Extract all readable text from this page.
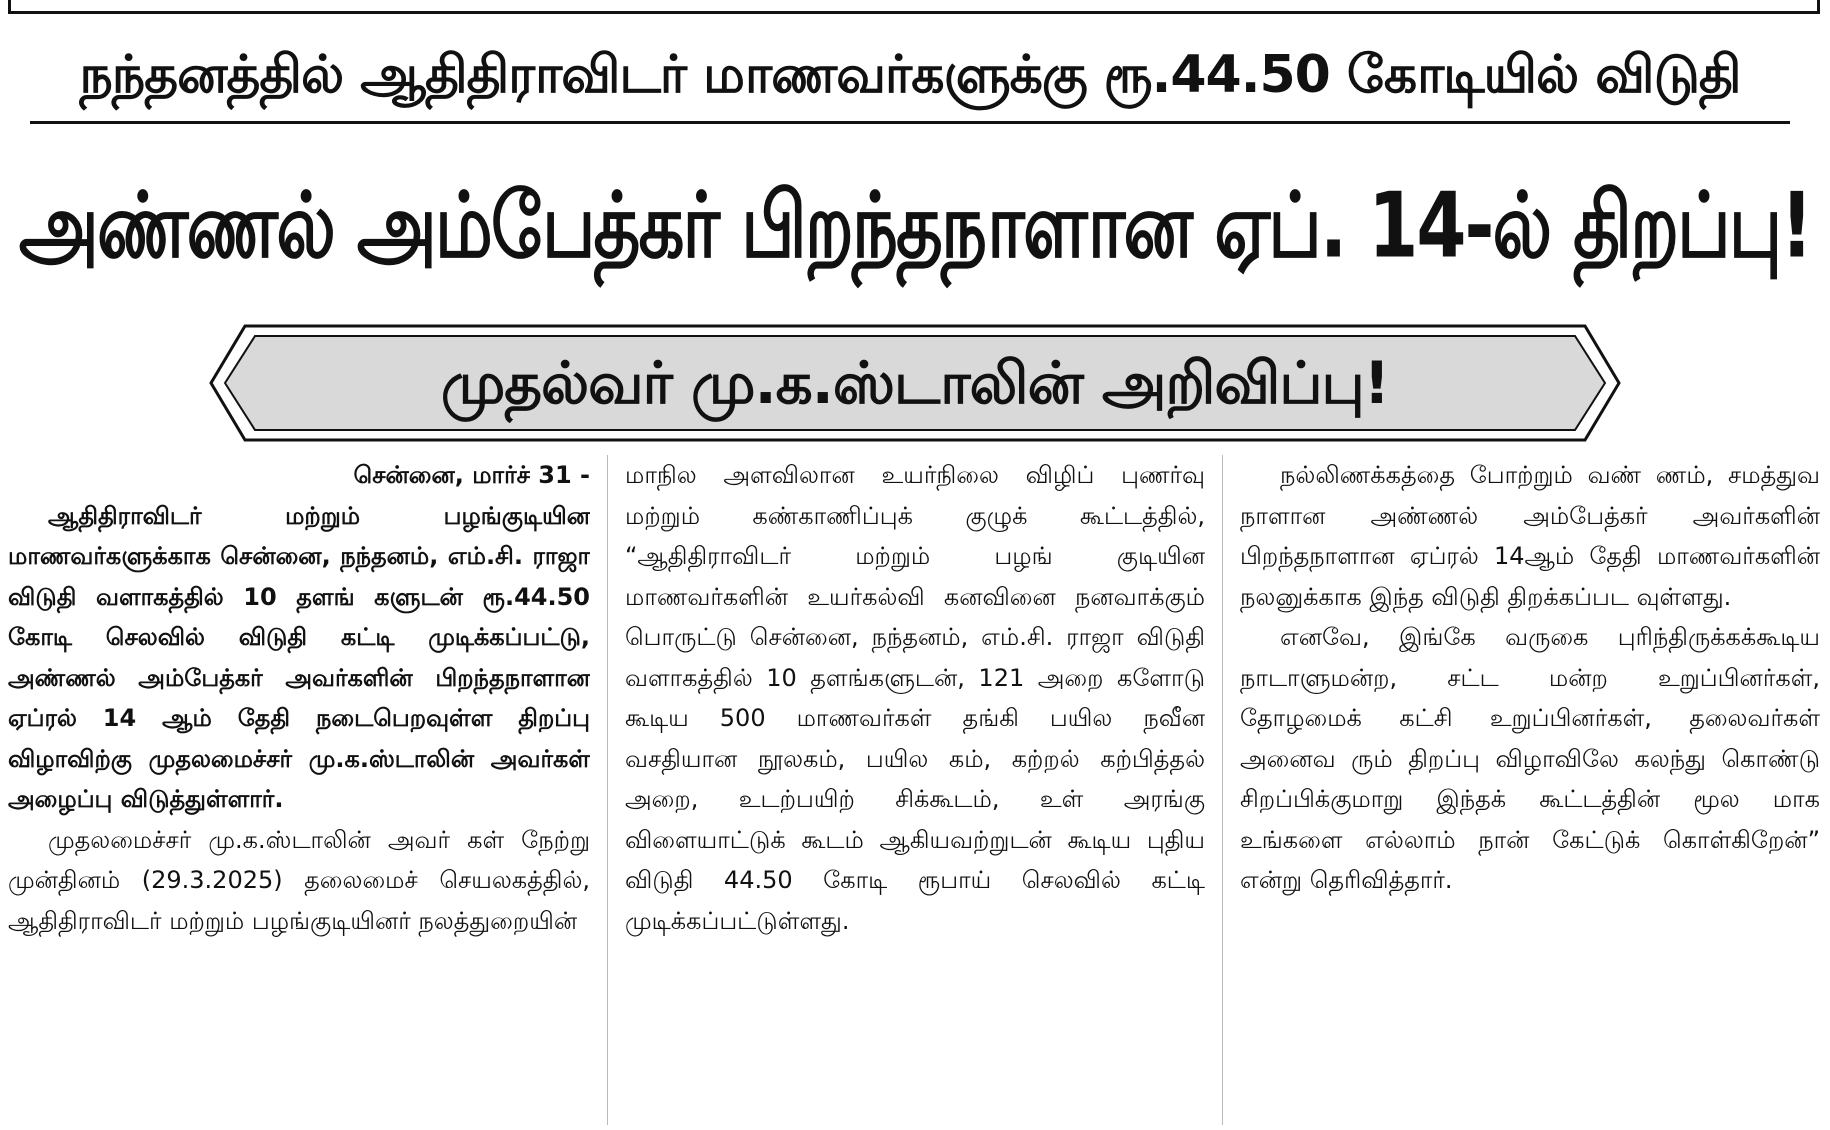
நந்தனத்தில் ஆதிதிராவிடர் மாணவர்களுக்கு ரூ.44.50 கோடியில் விடுதி
அண்ணல் அம்பேத்கர் பிறந்தநாளான ஏப். 14-ல் திறப்பு!
முதல்வர் மு.க.ஸ்டாலின் அறிவிப்பு!

சென்னை, மார்ச் 31 -

ஆதிதிராவிடர் மற்றும் பழங்குடியின மாணவர்களுக்காக சென்னை, நந்தனம், எம்.சி. ராஜா விடுதி வளாகத்தில் 10 தளங் களுடன் ரூ.44.50 கோடி செலவில் விடுதி கட்டி முடிக்கப்பட்டு, அண்ணல் அம்பேத்கர் அவர்களின் பிறந்தநாளான ஏப்ரல் 14 ஆம் தேதி நடைபெறவுள்ள திறப்பு விழாவிற்கு முதலமைச்சர் மு.க.ஸ்டாலின் அவர்கள் அழைப்பு விடுத்துள்ளார்.

முதலமைச்சர் மு.க.ஸ்டாலின் அவர் கள் நேற்று முன்தினம் (29.3.2025) தலைமைச் செயலகத்தில், ஆதிதிராவிடர் மற்றும் பழங்குடியினர் நலத்துறையின்

மாநில அளவிலான உயர்நிலை விழிப் புணர்வு மற்றும் கண்காணிப்புக் குழுக் கூட்டத்தில், “ஆதிதிராவிடர் மற்றும் பழங் குடியின மாணவர்களின் உயர்கல்வி கனவினை நனவாக்கும் பொருட்டு சென்னை, நந்தனம், எம்.சி. ராஜா விடுதி வளாகத்தில் 10 தளங்களுடன், 121 அறை களோடு கூடிய 500 மாணவர்கள் தங்கி பயில நவீன வசதியான நூலகம், பயில கம், கற்றல் கற்பித்தல் அறை, உடற்பயிற் சிக்கூடம், உள் அரங்கு விளையாட்டுக் கூடம் ஆகியவற்றுடன் கூடிய புதிய விடுதி 44.50 கோடி ரூபாய் செலவில் கட்டி முடிக்கப்பட்டுள்ளது.

நல்லிணக்கத்தை போற்றும் வண் ணம், சமத்துவ நாளான அண்ணல் அம்பேத்கர் அவர்களின் பிறந்தநாளான ஏப்ரல் 14ஆம் தேதி மாணவர்களின் நலனுக்காக இந்த விடுதி திறக்கப்பட வுள்ளது.

எனவே, இங்கே வருகை புரிந்திருக்கக்கூடிய நாடாளுமன்ற, சட்ட மன்ற உறுப்பினர்கள், தோழமைக் கட்சி உறுப்பினர்கள், தலைவர்கள் அனைவ ரும் திறப்பு விழாவிலே கலந்து கொண்டு சிறப்பிக்குமாறு இந்தக் கூட்டத்தின் மூல மாக உங்களை எல்லாம் நான் கேட்டுக் கொள்கிறேன்” என்று தெரிவித்தார்.
